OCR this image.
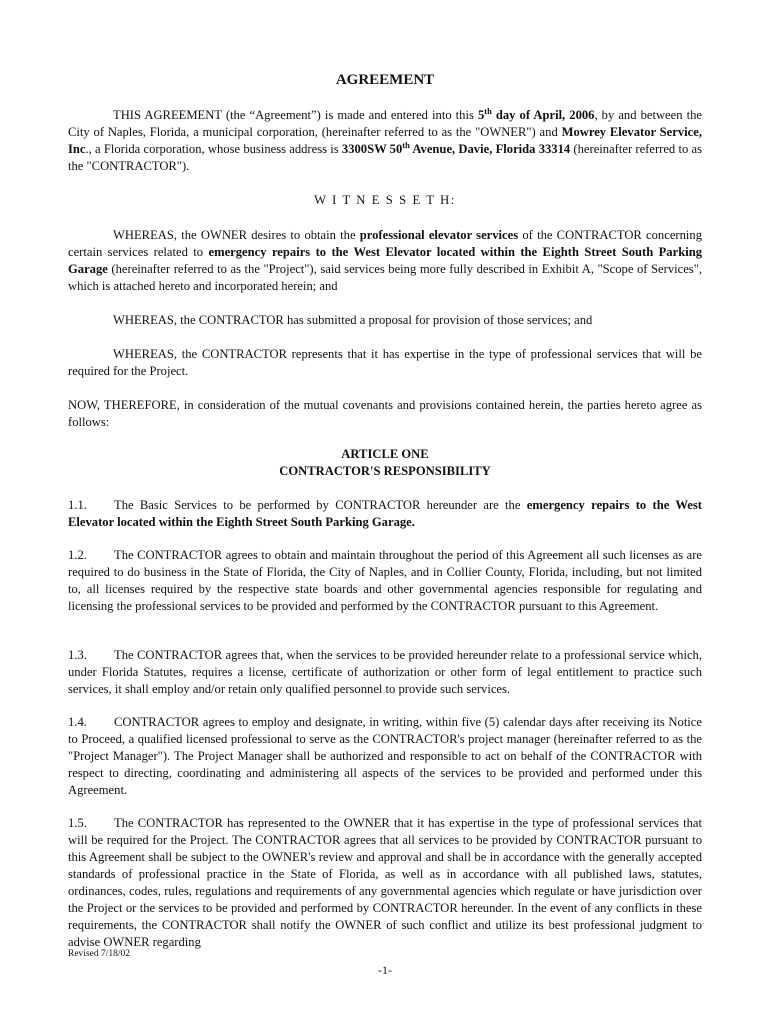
AGREEMENT

THIS AGREEMENT (the “Agreement”) is made and entered into this 5th day of April, 2006, by and between the City of Naples, Florida, a municipal corporation, (hereinafter referred to as the "OWNER") and Mowrey Elevator Service, Inc., a Florida corporation, whose business address is 3300SW 50th Avenue, Davie, Florida 33314 (hereinafter referred to as the "CONTRACTOR").

W I T N E S S E T H:

WHEREAS, the OWNER desires to obtain the professional elevator services of the CONTRACTOR concerning certain services related to emergency repairs to the West Elevator located within the Eighth Street South Parking Garage (hereinafter referred to as the "Project"), said services being more fully described in Exhibit A, "Scope of Services", which is attached hereto and incorporated herein; and

WHEREAS, the CONTRACTOR has submitted a proposal for provision of those services; and

WHEREAS, the CONTRACTOR represents that it has expertise in the type of professional services that will be required for the Project.

NOW, THEREFORE, in consideration of the mutual covenants and provisions contained herein, the parties hereto agree as follows:

ARTICLE ONE

CONTRACTOR'S RESPONSIBILITY

1.1. The Basic Services to be performed by CONTRACTOR hereunder are the emergency repairs to the West Elevator located within the Eighth Street South Parking Garage.

1.2. The CONTRACTOR agrees to obtain and maintain throughout the period of this Agreement all such licenses as are required to do business in the State of Florida, the City of Naples, and in Collier County, Florida, including, but not limited to, all licenses required by the respective state boards and other governmental agencies responsible for regulating and licensing the professional services to be provided and performed by the CONTRACTOR pursuant to this Agreement.

1.3. The CONTRACTOR agrees that, when the services to be provided hereunder relate to a professional service which, under Florida Statutes, requires a license, certificate of authorization or other form of legal entitlement to practice such services, it shall employ and/or retain only qualified personnel to provide such services.

1.4. CONTRACTOR agrees to employ and designate, in writing, within five (5) calendar days after receiving its Notice to Proceed, a qualified licensed professional to serve as the CONTRACTOR's project manager (hereinafter referred to as the "Project Manager"). The Project Manager shall be authorized and responsible to act on behalf of the CONTRACTOR with respect to directing, coordinating and administering all aspects of the services to be provided and performed under this Agreement.

1.5. The CONTRACTOR has represented to the OWNER that it has expertise in the type of professional services that will be required for the Project. The CONTRACTOR agrees that all services to be provided by CONTRACTOR pursuant to this Agreement shall be subject to the OWNER's review and approval and shall be in accordance with the generally accepted standards of professional practice in the State of Florida, as well as in accordance with all published laws, statutes, ordinances, codes, rules, regulations and requirements of any governmental agencies which regulate or have jurisdiction over the Project or the services to be provided and performed by CONTRACTOR hereunder. In the event of any conflicts in these requirements, the CONTRACTOR shall notify the OWNER of such conflict and utilize its best professional judgment to advise OWNER regarding

Revised 7/18/02
-1-
